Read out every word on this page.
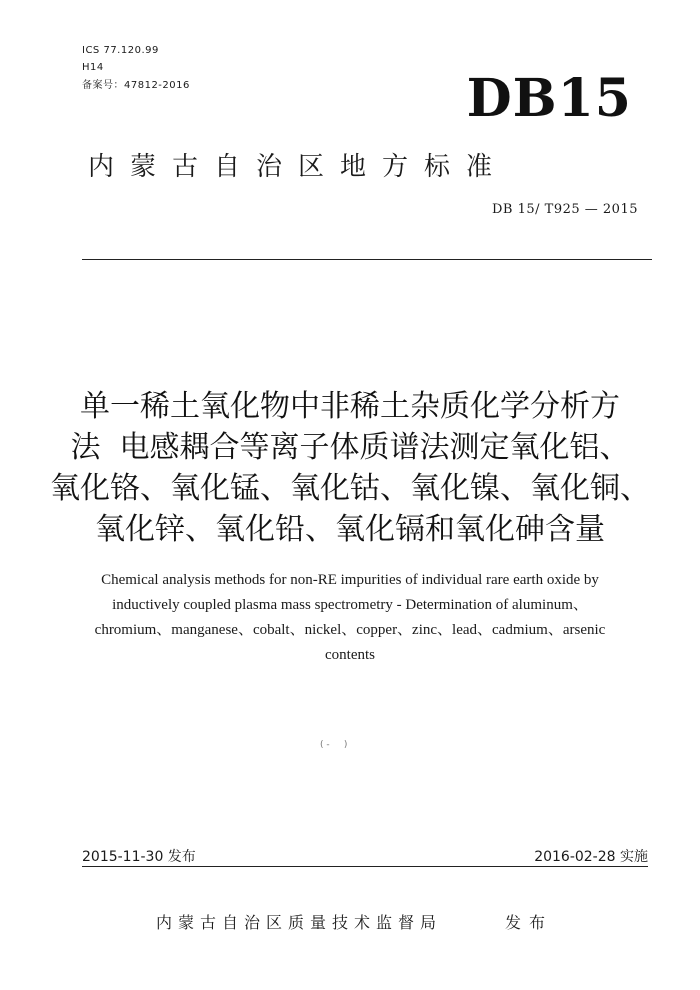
ICS 77.120.99
H14
备案号：47812-2016	DB15
内蒙古自治区地方标准
DB 15/ T925 — 2015
单一稀土氧化物中非稀土杂质化学分析方
法  电感耦合等离子体质谱法测定氧化铝、
氧化铬、氧化锰、氧化钴、氧化镍、氧化铜、
氧化锌、氧化铅、氧化镉和氧化砷含量
Chemical analysis methods for non-RE impurities of individual rare earth oxide by
inductively coupled plasma mass spectrometry - Determination of aluminum、
chromium、manganese、cobalt、nickel、copper、zinc、lead、cadmium、arsenic
contents
( -     )
2015-11-30 发布	2016-02-28 实施
内蒙古自治区质量技术监督局	发布
